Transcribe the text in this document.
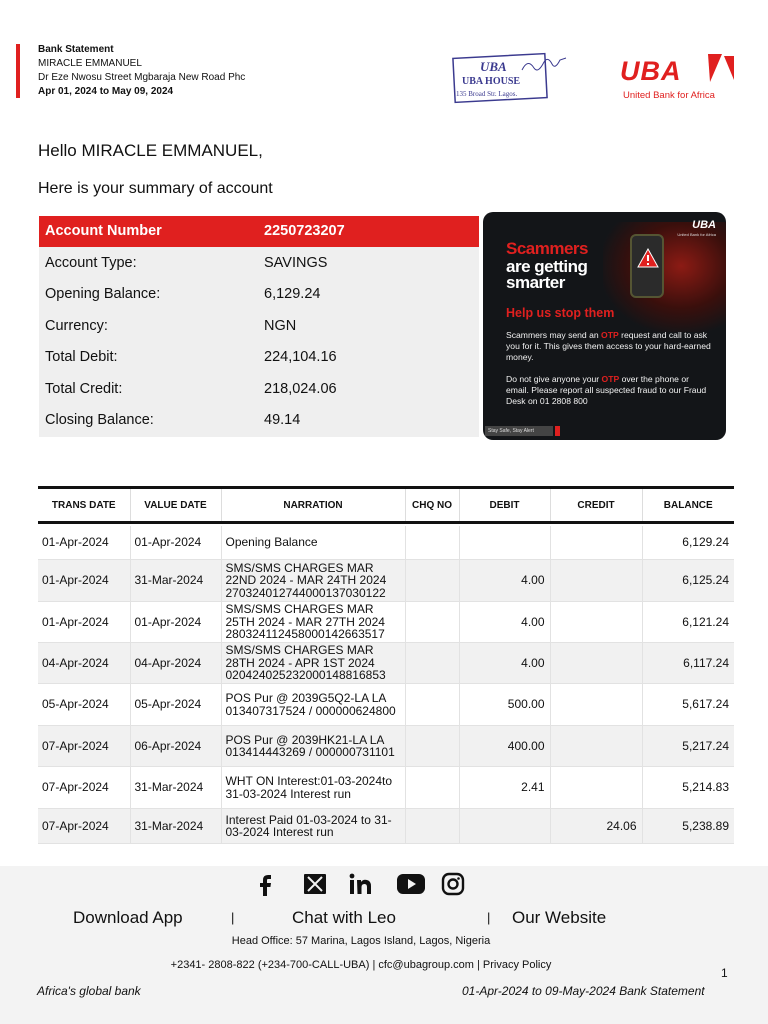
Bank Statement
MIRACLE EMMANUEL
Dr Eze Nwosu Street Mgbaraja New Road Phc
Apr 01, 2024 to May 09, 2024
UBA
UBA HOUSE
135 Broad Str. Lagos.
UBA
United Bank for Africa
Hello MIRACLE EMMANUEL,
Here is your summary of account
Account Number	2250723207
Account Type:	SAVINGS
Opening Balance:	6,129.24
Currency:	NGN
Total Debit:	224,104.16
Total Credit:	218,024.06
Closing Balance:	49.14
UBA
United Bank for Africa
Scammers
are getting
smarter
Help us stop them
Scammers may send an OTP request and call to ask you for it. This gives them access to your hard-earned money.
Do not give anyone your OTP over the phone or email. Please report all suspected fraud to our Fraud Desk on 01 2808 800
Stay Safe, Stay Alert
TRANS DATE	VALUE DATE	NARRATION	CHQ NO	DEBIT	CREDIT	BALANCE

01-Apr-2024	01-Apr-2024	Opening Balance				6,129.24
01-Apr-2024	31-Mar-2024	SMS/SMS CHARGES MAR 22ND 2024 - MAR 24TH 2024 27032401274400013703012​2		4.00		6,125.24
01-Apr-2024	01-Apr-2024	SMS/SMS CHARGES MAR 25TH 2024 - MAR 27TH 2024 28032411245800014266351​7		4.00		6,121.24
04-Apr-2024	04-Apr-2024	SMS/SMS CHARGES MAR 28TH 2024 - APR 1ST 2024 02042402523200014881685​3		4.00		6,117.24
05-Apr-2024	05-Apr-2024	POS Pur @ 2039G5Q2-LA LA 013407317524 / 000000624800		500.00		5,617.24
07-Apr-2024	06-Apr-2024	POS Pur @ 2039HK21-LA LA 013414443269 / 000000731101		400.00		5,217.24
07-Apr-2024	31-Mar-2024	WHT ON Interest:01-03-2024to 31-03-2024 Interest run		2.41		5,214.83
07-Apr-2024	31-Mar-2024	Interest Paid 01-03-2024 to 31-03-2024 Interest run			24.06	5,238.89
Download App	|	Chat with Leo	| Our Website
Head Office: 57 Marina, Lagos Island, Lagos, Nigeria
+2341- 2808-822 (+234-700-CALL-UBA) | cfc@ubagroup.com | Privacy Policy
1
Africa's global bank	01-Apr-2024 to 09-May-2024 Bank Statement
